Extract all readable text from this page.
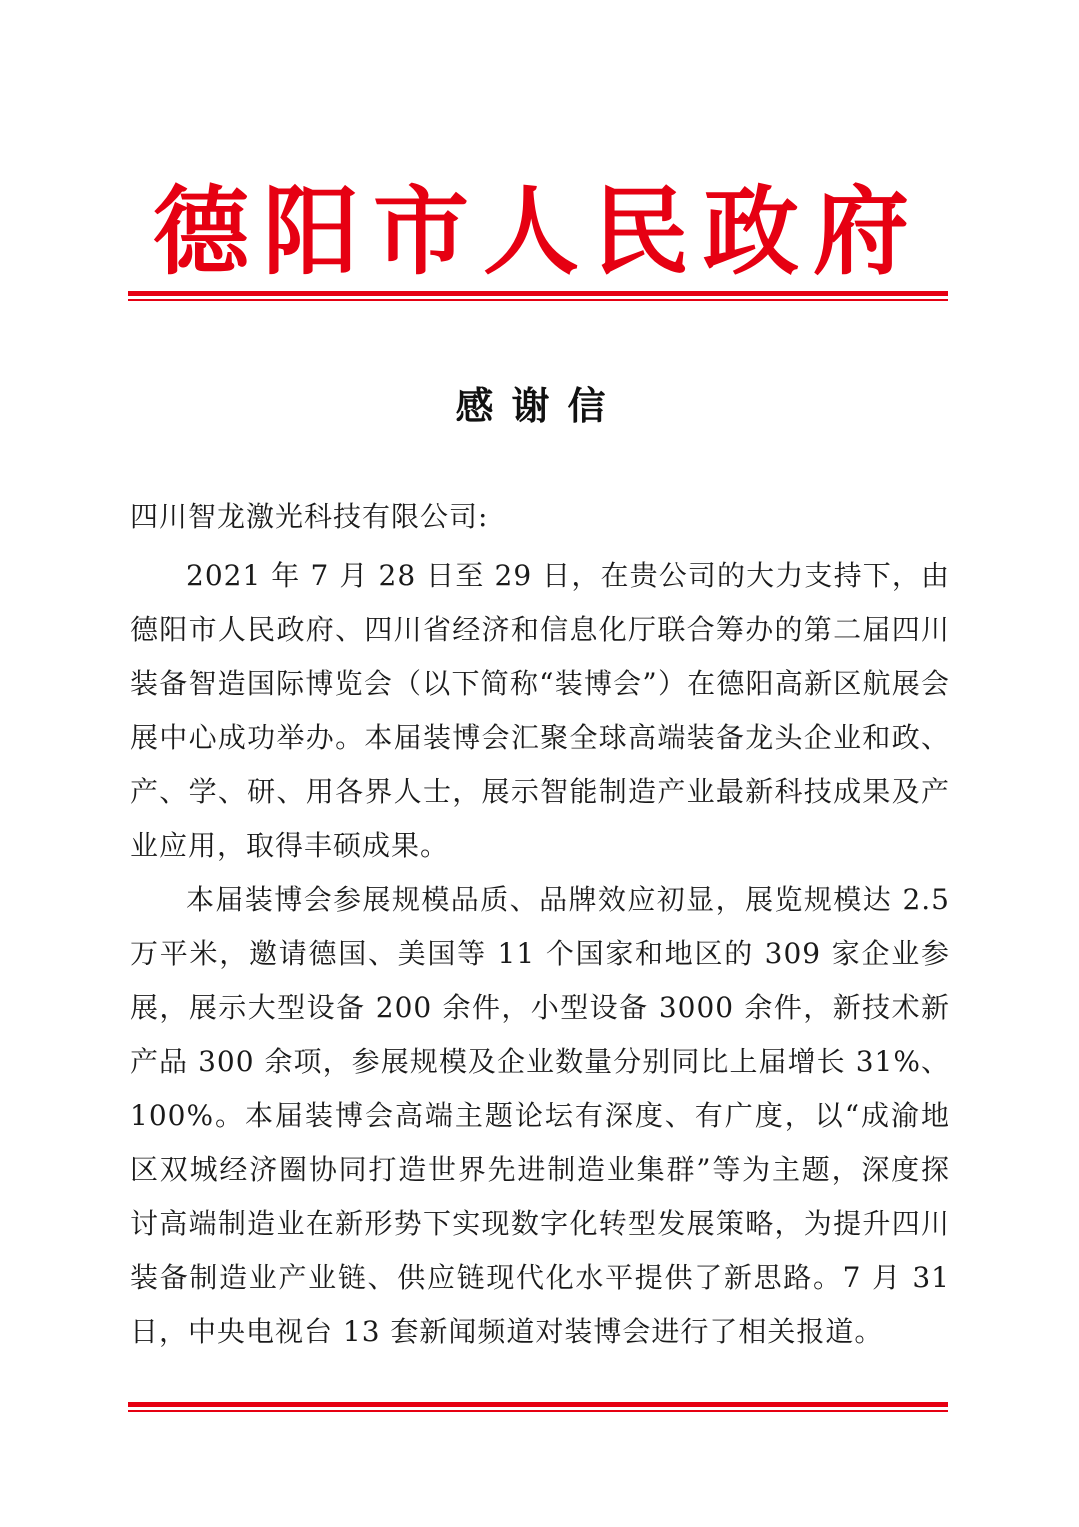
德阳市人民政府
感谢信
四川智龙激光科技有限公司:
2021 年 7 月 28 日至 29 日，在贵公司的大力支持下，由德阳市人民政府、四川省经济和信息化厅联合筹办的第二届四川装备智造国际博览会（以下简称“装博会”）在德阳高新区航展会展中心成功举办。本届装博会汇聚全球高端装备龙头企业和政、产、学、研、用各界人士，展示智能制造产业最新科技成果及产业应用，取得丰硕成果。
本届装博会参展规模品质、品牌效应初显，展览规模达 2.5 万平米，邀请德国、美国等 11 个国家和地区的 309 家企业参展，展示大型设备 200 余件，小型设备 3000 余件，新技术新产品 300 余项，参展规模及企业数量分别同比上届增长 31%、100%。本届装博会高端主题论坛有深度、有广度，以“成渝地区双城经济圈协同打造世界先进制造业集群”等为主题，深度探讨高端制造业在新形势下实现数字化转型发展策略，为提升四川装备制造业产业链、供应链现代化水平提供了新思路。7 月 31 日，中央电视台 13 套新闻频道对装博会进行了相关报道。
